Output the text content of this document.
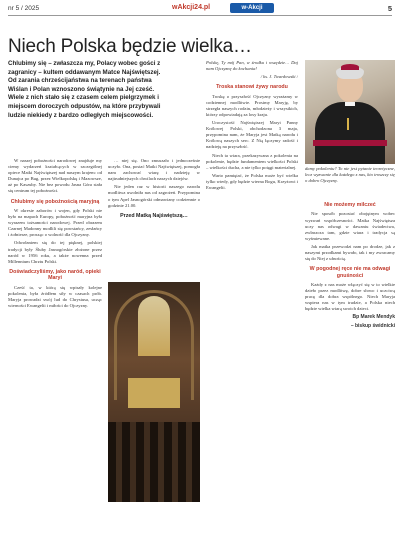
nr 5 / 2025	wAkcji24.pl	w-Akcji	5
Niech Polska będzie wielka…
Chlubimy się – zwłaszcza my, Polacy wobec gości z zagranicy – kultem oddawanym Matce Najświętszej. Od zarania chrześcijaństwa na terenach państwa Wiślan i Polan wznoszono świątynie na Jej cześć. Wiele z nich stało się z czasem celem pielgrzymek i miejscem doroczych odpustów, na które przybywali ludzie niekiedy z bardzo odległych miejscowości.

W naszej pobożności narodowej znajduje my ciemy wydarzeń kształcących w szczególnej opiece Matki Najświętszej nad naszym krajem: od Dunajca po Bug, przez Wielkopolskę i Mazowsze, aż po Kaszuby. Nie bez powodu Jasna Góra stała się centrum tej pobożności.

Chlubimy się pobożnością maryjną

W okresie zaborów i wojen, gdy Polski nie było na mapach Europy, pobożność maryjna była wyrazem tożsamości narodowej. Przed obrazem Czarnej Madonny modlili się powstańcy, zesłańcy i żołnierze, prosząc o wolność dla Ojczyzny.

Odwołaniem się do tej pięknej, polskiej tradycji były Śluby Jasnogórskie złożone przez naród w 1956 roku, a także nowenna przed Millennium Chrztu Polski.

Doświadczyliśmy, jako naród, opieki Maryi

Cześć ta, w którą się wpisały kolejne pokolenia, była źródłem siły w czasach prób. Maryja prowadzi swój lud do Chrystusa, ucząc wierności Ewangelii i miłości do Ojczyzny.

… niej się. Ono zmuszało i jednocześnie uczyło. Ona, postać Matki Najświętszej, pomogła nam zachować wiarę i nadzieję w najtrudniejszych chwilach naszych dziejów.

Nie jeden raz w historii naszego narodu modlitwa uwolniła nas od zagrożeń. Przypomina o tym Apel Jasnogórski odmawiany codziennie o godzinie 21.00.

Przed Matką Najświętszą…

Polskę, Ty mój Pan, w środku i wszędzie… Daj nam Ojczyznę do kochania!

/ ks. J. Twardowski /

Troska stanowi żywy narodu

Troskę o przyszłość Ojczyzny wyrażamy w codziennej modlitwie. Prosimy Maryję, by strzegła naszych rodzin, młodzieży i wszystkich, którzy odpowiadają za losy kraju.

Uroczystość Najświętszej Maryi Panny Królowej Polski, obchodzona 3 maja, przypomina nam, że Maryja jest Matką narodu i Królową naszych serc. Z Nią łączymy radość i nadzieję na przyszłość.

Niech ta wiara, przekazywana z pokolenia na pokolenie, będzie fundamentem wielkości Polski – wielkości ducha, a nie tylko potęgi materialnej.

Warto pamiętać, że Polska może być wielka tylko wtedy, gdy będzie wierna Bogu, Krzyżowi i Ewangelii.

damy pokoleniu? To nie jest pytanie teoretyczne, lecz wyzwanie dla każdego z nas, kto troszczy się o dobro Ojczyzny.
Nie możemy milczeć

Nie sposób pozostać obojętnym wobec wyzwań współczesności. Matka Najświętsza uczy nas odwagi w dawaniu świadectwa, zwłaszcza tam, gdzie wiara i tradycja są wyśmiewane.

Jak matka przewodzi nam po drodze, jak z naszymi przodkami bywało, tak i my zwracamy się do Niej z ufnością.

W pogodnej ręce nie ma odwagi gnuśności

Każdy z nas może włączyć się w to wielkie dzieło przez modlitwę, dobre słowo i uczciwą pracę dla dobra wspólnego. Niech Maryja wspiera nas w tym trudzie, a Polska niech będzie wielka wiarą swoich dzieci.

Bp Marek Mendyk

– biskup świdnicki
